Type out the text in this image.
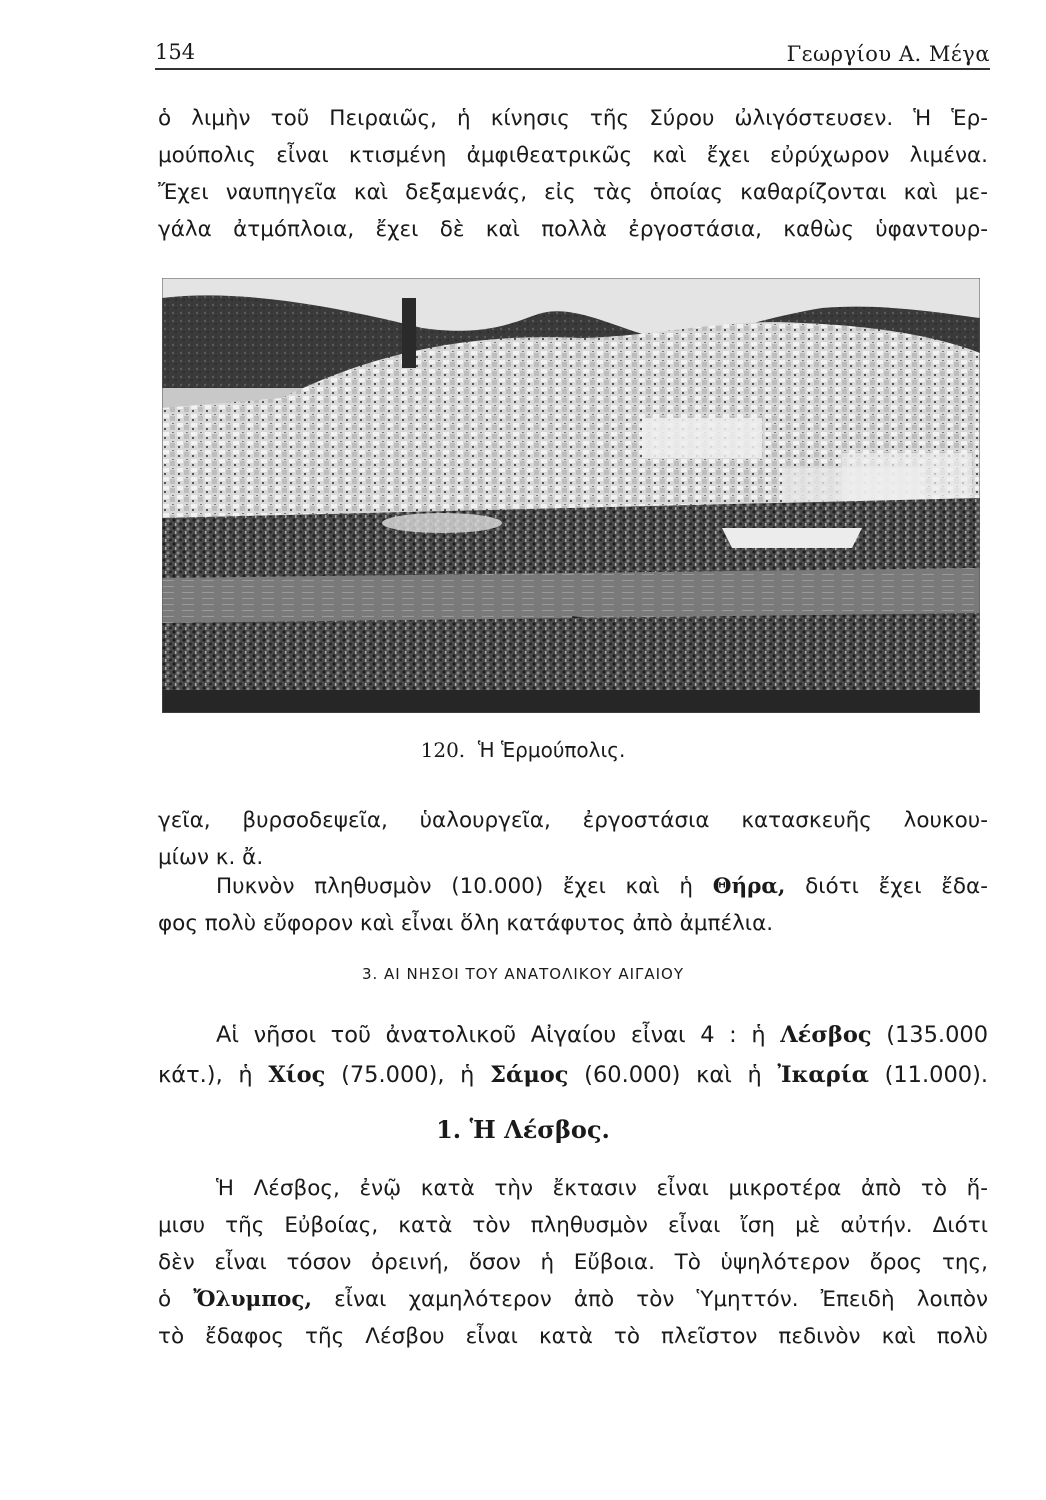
154	Γεωργίου Α. Μέγα
ὁ λιμὴν τοῦ Πειραιῶς, ἡ κίνησις τῆς Σύρου ὠλιγόστευσεν. Ἡ Ἑρ-
μούπολις εἶναι κτισμένη ἀμφιθεατρικῶς καὶ ἔχει εὐρύχωρον λιμένα.
Ἔχει ναυπηγεῖα καὶ δεξαμενάς, εἰς τὰς ὁποίας καθαρίζονται καὶ με-
γάλα ἀτμόπλοια, ἔχει δὲ καὶ πολλὰ ἐργοστάσια, καθὼς ὑφαντουρ-
120. Ἡ Ἑρμούπολις.
γεῖα, βυρσοδεψεῖα, ὑαλουργεῖα, ἐργοστάσια κατασκευῆς λουκου-
μίων κ. ἄ.
Πυκνὸν πληθυσμὸν (10.000) ἔχει καὶ ἡ Θήρα, διότι ἔχει ἔδα-
φος πολὺ εὔφορον καὶ εἶναι ὅλη κατάφυτος ἀπὸ ἀμπέλια.
3. ΑΙ ΝΗΣΟΙ ΤΟΥ ΑΝΑΤΟΛΙΚΟΥ ΑΙΓΑΙΟΥ
Αἱ νῆσοι τοῦ ἀνατολικοῦ Αἰγαίου εἶναι 4 : ἡ Λέσβος (135.000
κάτ.), ἡ Χίος (75.000), ἡ Σάμος (60.000) καὶ ἡ Ἰκαρία (11.000).
1. Ἡ Λέσβος.
Ἡ Λέσβος, ἐνῷ κατὰ τὴν ἔκτασιν εἶναι μικροτέρα ἀπὸ τὸ ἥ-
μισυ τῆς Εὐβοίας, κατὰ τὸν πληθυσμὸν εἶναι ἴση μὲ αὐτήν. Διότι
δὲν εἶναι τόσον ὀρεινή, ὅσον ἡ Εὔβοια. Τὸ ὑψηλότερον ὄρος της,
ὁ Ὄλυμπος, εἶναι χαμηλότερον ἀπὸ τὸν Ὑμηττόν. Ἐπειδὴ λοιπὸν
τὸ ἔδαφος τῆς Λέσβου εἶναι κατὰ τὸ πλεῖστον πεδινὸν καὶ πολὺ
